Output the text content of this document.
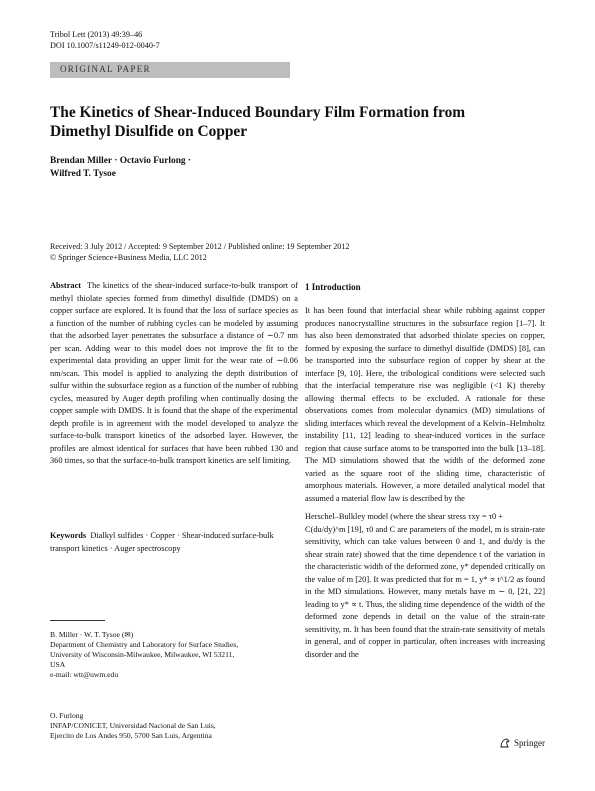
Tribol Lett (2013) 49:39–46
DOI 10.1007/s11249-012-0040-7
ORIGINAL PAPER
The Kinetics of Shear-Induced Boundary Film Formation from Dimethyl Disulfide on Copper
Brendan Miller · Octavio Furlong ·
Wilfred T. Tysoe
Received: 3 July 2012 / Accepted: 9 September 2012 / Published online: 19 September 2012
© Springer Science+Business Media, LLC 2012

Abstract The kinetics of the shear-induced surface-to-bulk transport of methyl thiolate species formed from dimethyl disulfide (DMDS) on a copper surface are explored. It is found that the loss of surface species as a function of the number of rubbing cycles can be modeled by assuming that the adsorbed layer penetrates the subsurface a distance of ∼0.7 nm per scan. Adding wear to this model does not improve the fit to the experimental data providing an upper limit for the wear rate of ∼0.06 nm/scan. This model is applied to analyzing the depth distribution of sulfur within the subsurface region as a function of the number of rubbing cycles, measured by Auger depth profiling when continually dosing the copper sample with DMDS. It is found that the shape of the experimental depth profile is in agreement with the model developed to analyze the surface-to-bulk transport kinetics of the adsorbed layer. However, the profiles are almost identical for surfaces that have been rubbed 130 and 360 times, so that the surface-to-bulk transport kinetics are self limiting.

Keywords Dialkyl sulfides · Copper · Shear-induced surface-bulk transport kinetics · Auger spectroscopy

B. Miller · W. T. Tysoe (✉)
Department of Chemistry and Laboratory for Surface Studies,
University of Wisconsin-Milwaukee, Milwaukee, WI 53211,
USA
e-mail: wtt@uwm.edu
O. Furlong
INFAP/CONICET, Universidad Nacional de San Luis,
Ejercito de Los Andes 950, 5700 San Luis, Argentina
1 Introduction

It has been found that interfacial shear while rubbing against copper produces nanocrystalline structures in the subsurface region [1–7]. It has also been demonstrated that adsorbed thiolate species on copper, formed by exposing the surface to dimethyl disulfide (DMDS) [8], can be transported into the subsurface region of copper by shear at the interface [9, 10]. Here, the tribological conditions were selected such that the interfacial temperature rise was negligible (<1 K) thereby allowing thermal effects to be excluded. A rationale for these observations comes from molecular dynamics (MD) simulations of sliding interfaces which reveal the development of a Kelvin–Helmholtz instability [11, 12] leading to shear-induced vortices in the surface region that cause surface atoms to be transported into the bulk [13–18]. The MD simulations showed that the width of the deformed zone varied as the square root of the sliding time, characteristic of amorphous materials. However, a more detailed analytical model that assumed a material flow law is described by the

Herschel–Bulkley model (where the shear stress τxy = τ0 +

C(du/dy)^m [19], τ0 and C are parameters of the model, m is strain-rate sensitivity, which can take values between 0 and 1, and du/dy is the shear strain rate) showed that the time dependence t of the variation in the characteristic width of the deformed zone, y* depended critically on the value of m [20]. It was predicted that for m = 1, y* ∝ t^1/2 as found in the MD simulations. However, many metals have m ∼ 0, [21, 22] leading to y* ∝ t. Thus, the sliding time dependence of the width of the deformed zone depends in detail on the value of the strain-rate sensitivity, m. It has been found that the strain-rate sensitivity of metals in general, and of copper in particular, often increases with increasing disorder and the

Springer
